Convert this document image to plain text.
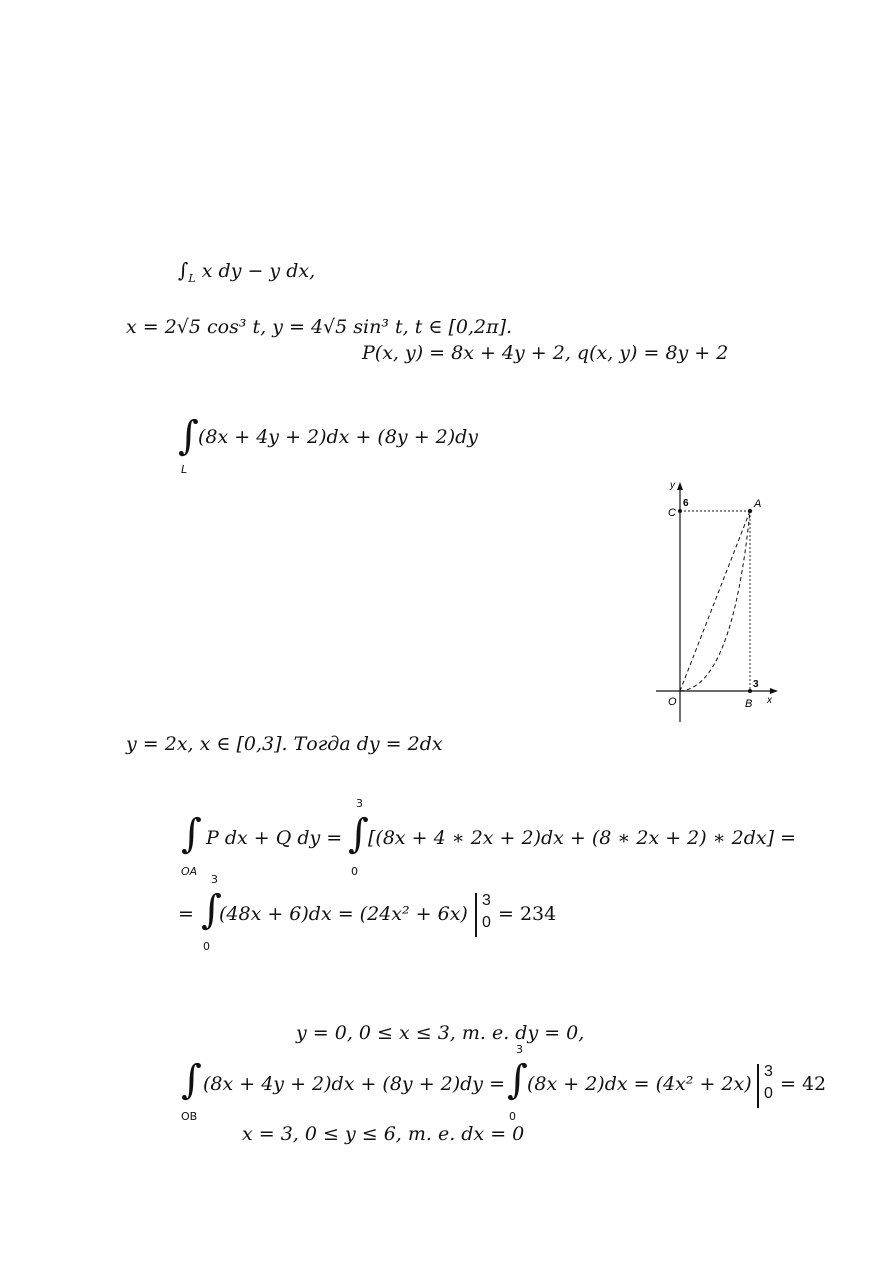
$\int_L$ x dy − y dx,
x = 2√5 cos³ t, y = 4√5 sin³ t, t ∈ [0,2π].
P(x, y) = 8x + 4y + 2, q(x, y) = 8y + 2
∫
L
(8x + 4y + 2)dx + (8y + 2)dy
y
x
O
A
B
C
6
3
y = 2x, x ∈ [0,3]. Тогда dy = 2dx
∫
OA
P dx + Q dy =
3
∫
0
[(8x + 4 ∗ 2x + 2)dx + (8 ∗ 2x + 2) ∗ 2dx] =
=
3
∫
0
(48x + 6)dx = (24x² + 6x)
3
0 = 234
y = 0, 0 ≤ x ≤ 3, т. е. dy = 0,
∫
OB
(8x + 4y + 2)dx + (8y + 2)dy =
3
∫
0
(8x + 2)dx = (4x² + 2x)
3
0 = 42
x = 3, 0 ≤ y ≤ 6, т. е. dx = 0
